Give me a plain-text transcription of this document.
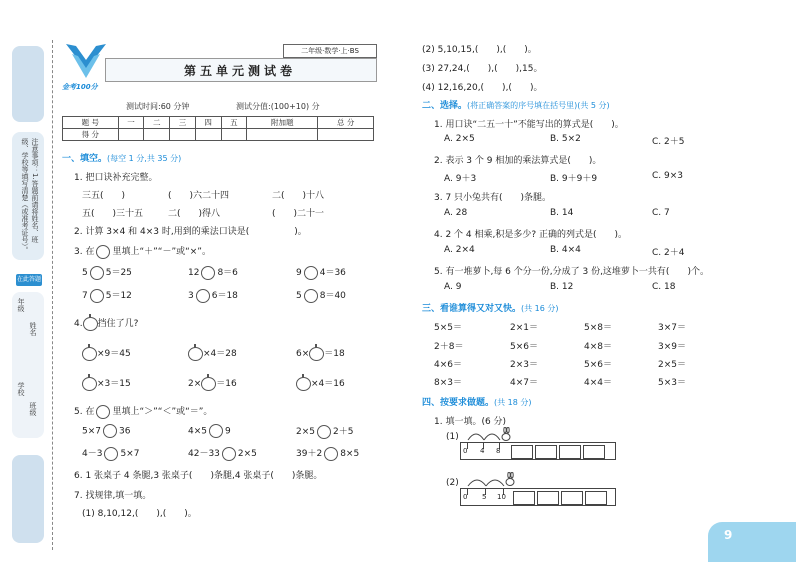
注意事项：1.答题前请将姓名、班级、学校等填写清楚（或准考证号）。
在此答题
年级
姓名
学校
班级
金考100分
二年级·数学·上·BS
第五单元测试卷
测试时间:60 分钟	测试分值:(100+10) 分
题 号	一	二	三	四	五	附加题	总 分
得 分							
一、填空。(每空 1 分,共 35 分)
1. 把口诀补充完整。
三五(　　)	(　　)六二十四	二(　　)十八
五(　　)三十五	二(　　)得八	(　　)二十一
2. 计算 3×4 和 4×3 时,用到的乘法口诀是(　　　　　)。
3. 在 里填上“＋”“－”或“×”。
5 5＝25	12 8＝6	9 4＝36
7 5＝12	3 6＝18	5 8＝40
4. 挡住了几?
×9＝45	×4＝28	6× ＝18
×3＝15	2× ＝16	×4＝16
5. 在 里填上“＞”“＜”或“＝”。
5×7 36	4×5 9	2×5 2＋5
4－3 5×7	42－33 2×5	39＋2 8×5
6. 1 张桌子 4 条腿,3 张桌子(　　)条腿,4 张桌子(　　)条腿。
7. 找规律,填一填。
(1) 8,10,12,(　　),(　　)。
(2) 5,10,15,(　　),(　　)。
(3) 27,24,(　　),(　　),15。
(4) 12,16,20,(　　),(　　)。
二、选择。(将正确答案的序号填在括号里)(共 5 分)
1. 用口诀“二五一十”不能写出的算式是(　　)。
A. 2×5	B. 5×2	C. 2＋5
2. 表示 3 个 9 相加的乘法算式是(　　)。
A. 9＋3	B. 9＋9＋9	C. 9×3
3. 7 只小兔共有(　　)条腿。
A. 28	B. 14	C. 7
4. 2 个 4 相乘,积是多少? 正确的列式是(　　)。
A. 2×4	B. 4×4	C. 2＋4
5. 有一堆萝卜,每 6 个分一份,分成了 3 份,这堆萝卜一共有(　　)个。
A. 9	B. 12	C. 18
三、看谁算得又对又快。(共 16 分)
5×5＝	2×1＝	5×8＝	3×7＝
2＋8＝	5×6＝	4×8＝	3×9＝
4×6＝	2×3＝	5×6＝	2×5＝
8×3＝	4×7＝	4×4＝	5×3＝
四、按要求做题。(共 18 分)
1. 填一填。(6 分)
(1)
0 4 8
(2)
0 5 10
9
